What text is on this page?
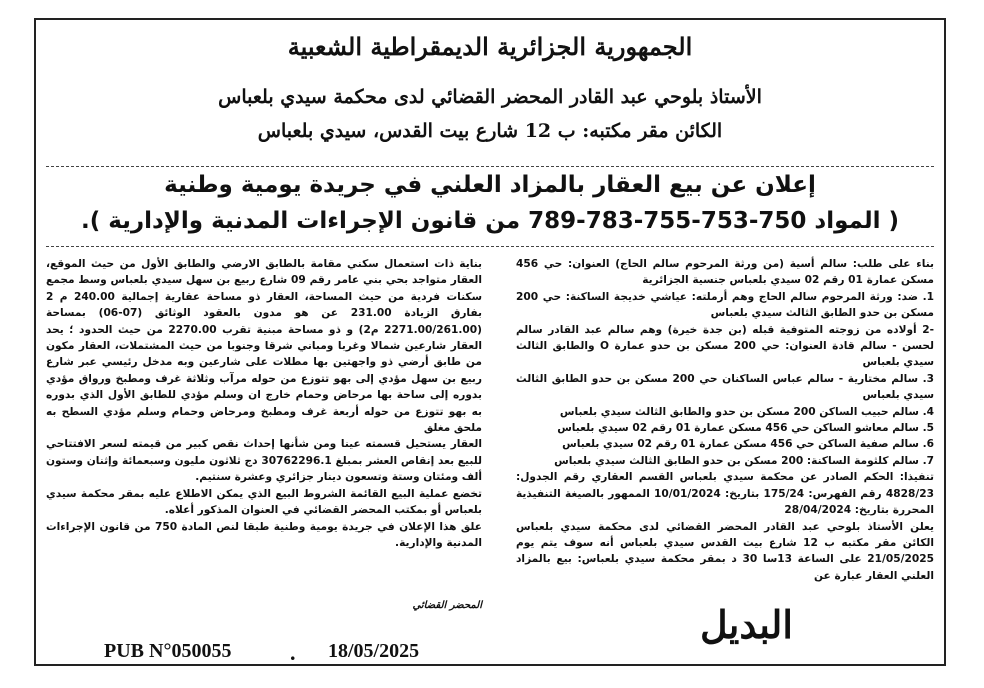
الجمهورية الجزائرية الديمقراطية الشعبية
الأستاذ بلوحي عبد القادر المحضر القضائي لدى محكمة سيدي بلعباس
الكائن مقر مكتبه: ب 12 شارع بيت القدس، سيدي بلعباس
إعلان عن بيع العقار بالمزاد العلني في جريدة يومية وطنية
( المواد 750-753-755-783-789 من قانون الإجراءات المدنية والإدارية ).

بناء على طلب: سالم أسية (من ورثة المرحوم سالم الحاج) العنوان: حي 456 مسكن عمارة 01 رقم 02 سيدي بلعباس جنسية الجزائرية

1. ضد: ورثة المرحوم سالم الحاج وهم أرملته: عياشي خديجة الساكنة: حي 200 مسكن بن حدو الطابق الثالث سيدي بلعباس

-2 أولاده من زوجته المتوفية قبله (بن جدة خيرة) وهم سالم عبد القادر سالم لحسن - سالم قادة العنوان: حي 200 مسكن بن حدو عمارة O والطابق الثالث سيدي بلعباس

3. سالم مختارية - سالم عباس الساكنان حي 200 مسكن بن حدو الطابق الثالث سيدي بلعباس

4. سالم حبيب الساكن 200 مسكن بن حدو والطابق الثالث سيدي بلعباس

5. سالم معاشو الساكن حي 456 مسكن عمارة 01 رقم 02 سيدي بلعباس

6. سالم صفية الساكن حي 456 مسكن عمارة 01 رقم 02 سيدي بلعباس

7. سالم كلثومة الساكنة: 200 مسكن بن حدو الطابق الثالث سيدي بلعباس

تنفيذا: الحكم الصادر عن محكمة سيدي بلعباس القسم العقاري رقم الجدول: 4828/23 رقم الفهرس: 175/24 بتاريخ: 10/01/2024 الممهور بالصيغة التنفيذية المحررة بتاريخ: 28/04/2024

يعلن الأستاذ بلوحي عبد القادر المحضر القضائي لدى محكمة سيدي بلعباس الكائن مقر مكتبه ب 12 شارع بيت القدس سيدي بلعباس أنه سوف يتم يوم 21/05/2025 على الساعة 13سا 30 د بمقر محكمة سيدي بلعباس: بيع بالمزاد العلني العقار عبارة عن

بناية ذات استعمال سكني مقامة بالطابق الارضي والطابق الأول من حيث الموقع، العقار متواجد بحي بني عامر رقم 09 شارع ربيع بن سهل سيدي بلعباس وسط مجمع سكنات فردية من حيث المساحة، العقار ذو مساحة عقارية إجمالية 240.00 م 2 بفارق الزيادة 231.00 عن هو مدون بالعقود الوثائق (07-06) بمساحة (2271.00/261.00 م2) و ذو مساحة مبنية تقرب 2270.00 من حيث الحدود ؛ يحد العقار شارعين شمالا وغربا ومباني شرقا وجنوبا من حيث المشتملات، العقار مكون من طابق أرضي ذو واجهتين بها مطلات على شارعين وبه مدخل رئيسي عبر شارع ربيع بن سهل مؤدي إلى بهو تتوزع من حوله مرآب وثلاثة غرف ومطبخ ورواق مؤدي بدوره إلى ساحة بها مرحاض وحمام خارج ان وسلم مؤدي للطابق الأول الذي بدوره به بهو تتوزع من حوله أربعة غرف ومطبخ ومرحاض وحمام وسلم مؤدي السطح به ملحق مغلق

العقار يستحيل قسمته عينا ومن شأنها إحداث نقص كبير من قيمته لسعر الافتتاحي للبيع بعد إنقاص العشر بمبلغ 30762296.1 دج ثلاثون مليون وسبعمائة وإثنان وستون ألف ومئتان وستة وتسعون دينار جزائري وعشرة سنتيم.

تخضع عملية البيع القائمة الشروط البيع الذي يمكن الاطلاع عليه بمقر محكمة سيدي بلعباس أو بمكتب المحضر القضائي في العنوان المذكور أعلاه.

علق هذا الإعلان في جريدة يومية وطنية طبقا لنص المادة 750 من قانون الإجراءات المدنية والإدارية.

المحضر القضائي	البديل
PUB N°050055	. 18/05/2025
